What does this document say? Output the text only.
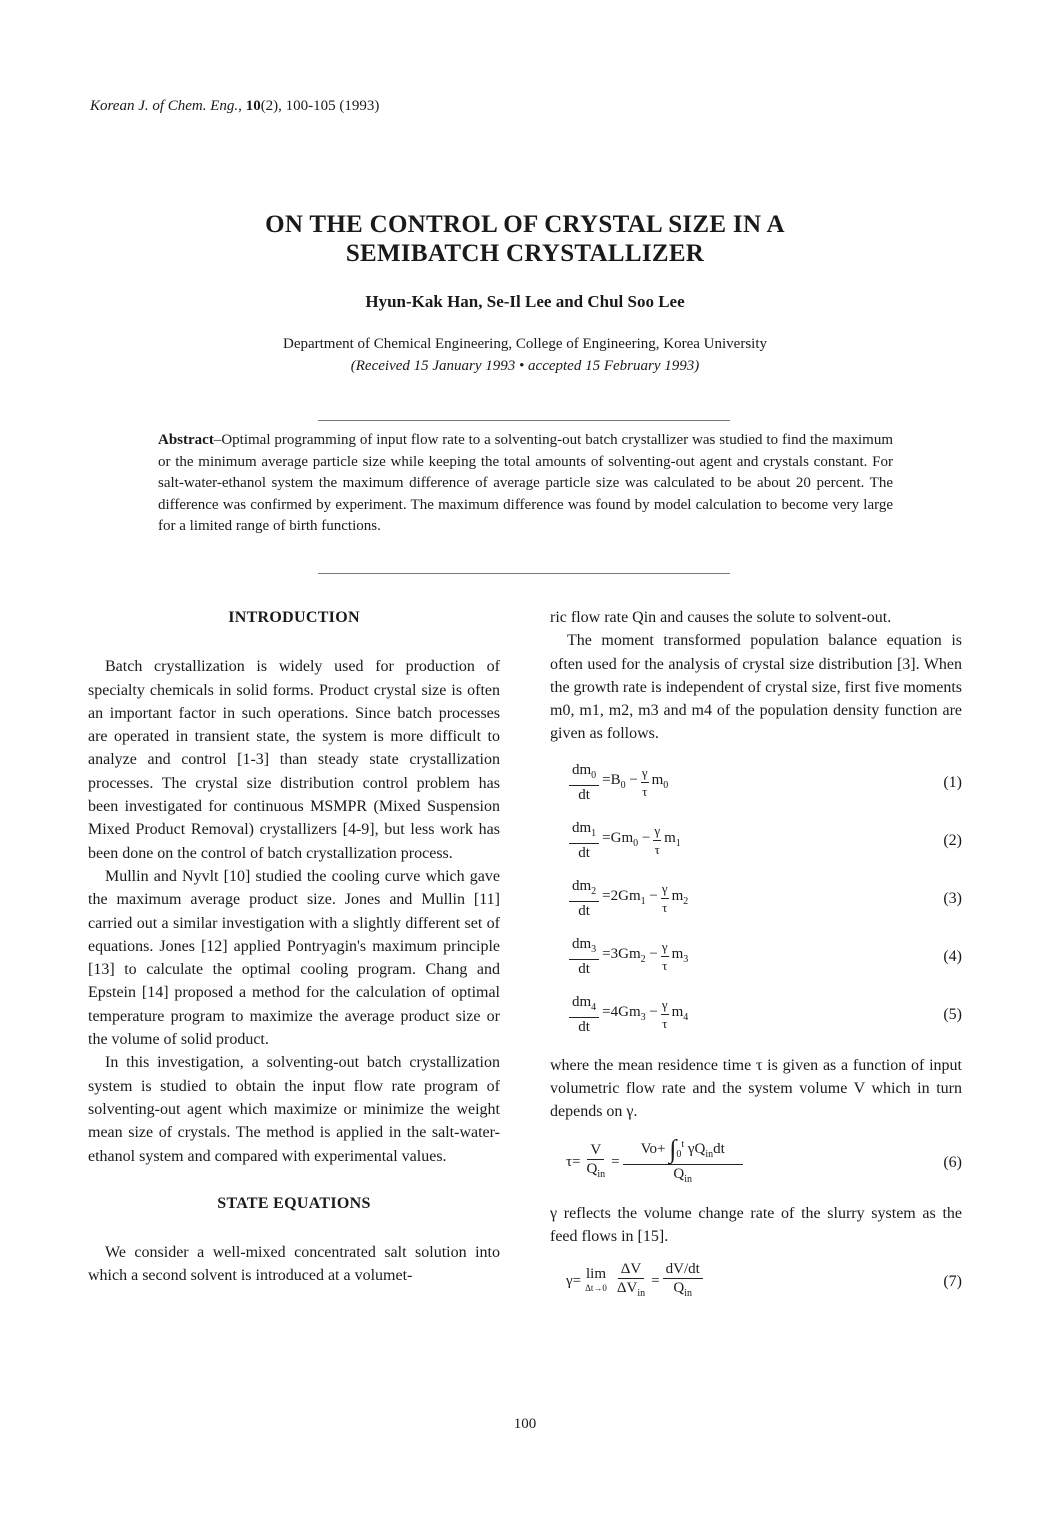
Korean J. of Chem. Eng., 10(2), 100-105 (1993)
ON THE CONTROL OF CRYSTAL SIZE IN A
SEMIBATCH CRYSTALLIZER
Hyun-Kak Han, Se-Il Lee and Chul Soo Lee
Department of Chemical Engineering, College of Engineering, Korea University
(Received 15 January 1993 • accepted 15 February 1993)
Abstract–Optimal programming of input flow rate to a solventing-out batch crystallizer was studied to find the maximum or the minimum average particle size while keeping the total amounts of solventing-out agent and crystals constant. For salt-water-ethanol system the maximum difference of average particle size was calculated to be about 20 percent. The difference was confirmed by experiment. The maximum difference was found by model calculation to become very large for a limited range of birth functions.
INTRODUCTION

Batch crystallization is widely used for production of specialty chemicals in solid forms. Product crystal size is often an important factor in such operations. Since batch processes are operated in transient state, the system is more difficult to analyze and control [1-3] than steady state crystallization processes. The crystal size distribution control problem has been investigated for continuous MSMPR (Mixed Suspension Mixed Product Removal) crystallizers [4-9], but less work has been done on the control of batch crystallization process.

Mullin and Nyvlt [10] studied the cooling curve which gave the maximum average product size. Jones and Mullin [11] carried out a similar investigation with a slightly different set of equations. Jones [12] applied Pontryagin's maximum principle [13] to calculate the optimal cooling program. Chang and Epstein [14] proposed a method for the calculation of optimal temperature program to maximize the average product size or the volume of solid product.

In this investigation, a solventing-out batch crystallization system is studied to obtain the input flow rate program of solventing-out agent which maximize or minimize the weight mean size of crystals. The method is applied in the salt-water-ethanol system and compared with experimental values.

STATE EQUATIONS

We consider a well-mixed concentrated salt solution into which a second solvent is introduced at a volumet-

ric flow rate Qin and causes the solute to solvent-out.

The moment transformed population balance equation is often used for the analysis of crystal size distribution [3]. When the growth rate is independent of crystal size, first five moments m0, m1, m2, m3 and m4 of the population density function are given as follows.

$\frac{dm_0}{dt} =B_0 - \frac{\gamma}{\tau} m_0$	(1)
$\frac{dm_1}{dt} =Gm_0 - \frac{\gamma}{\tau} m_1$	(2)
$\frac{dm_2}{dt} =2Gm_1 - \frac{\gamma}{\tau} m_2$	(3)
$\frac{dm_3}{dt} =3Gm_2 - \frac{\gamma}{\tau} m_3$	(4)
$\frac{dm_4}{dt} =4Gm_3 - \frac{\gamma}{\tau} m_4$	(5)

where the mean residence time τ is given as a function of input volumetric flow rate and the system volume V which in turn depends on γ.

$\tau= \frac{V}{Q_{in}} = \frac{Vo+ \int_0^t \gamma Q_{in}dt}{Q_{in}}$	(6)

γ reflects the volume change rate of the slurry system as the feed flows in [15].

γ= lim
$\Delta t\to 0 \frac{\Delta V}{\Delta V_{in}} = \frac{dV/dt}{Q_{in}}$	(7)
100
